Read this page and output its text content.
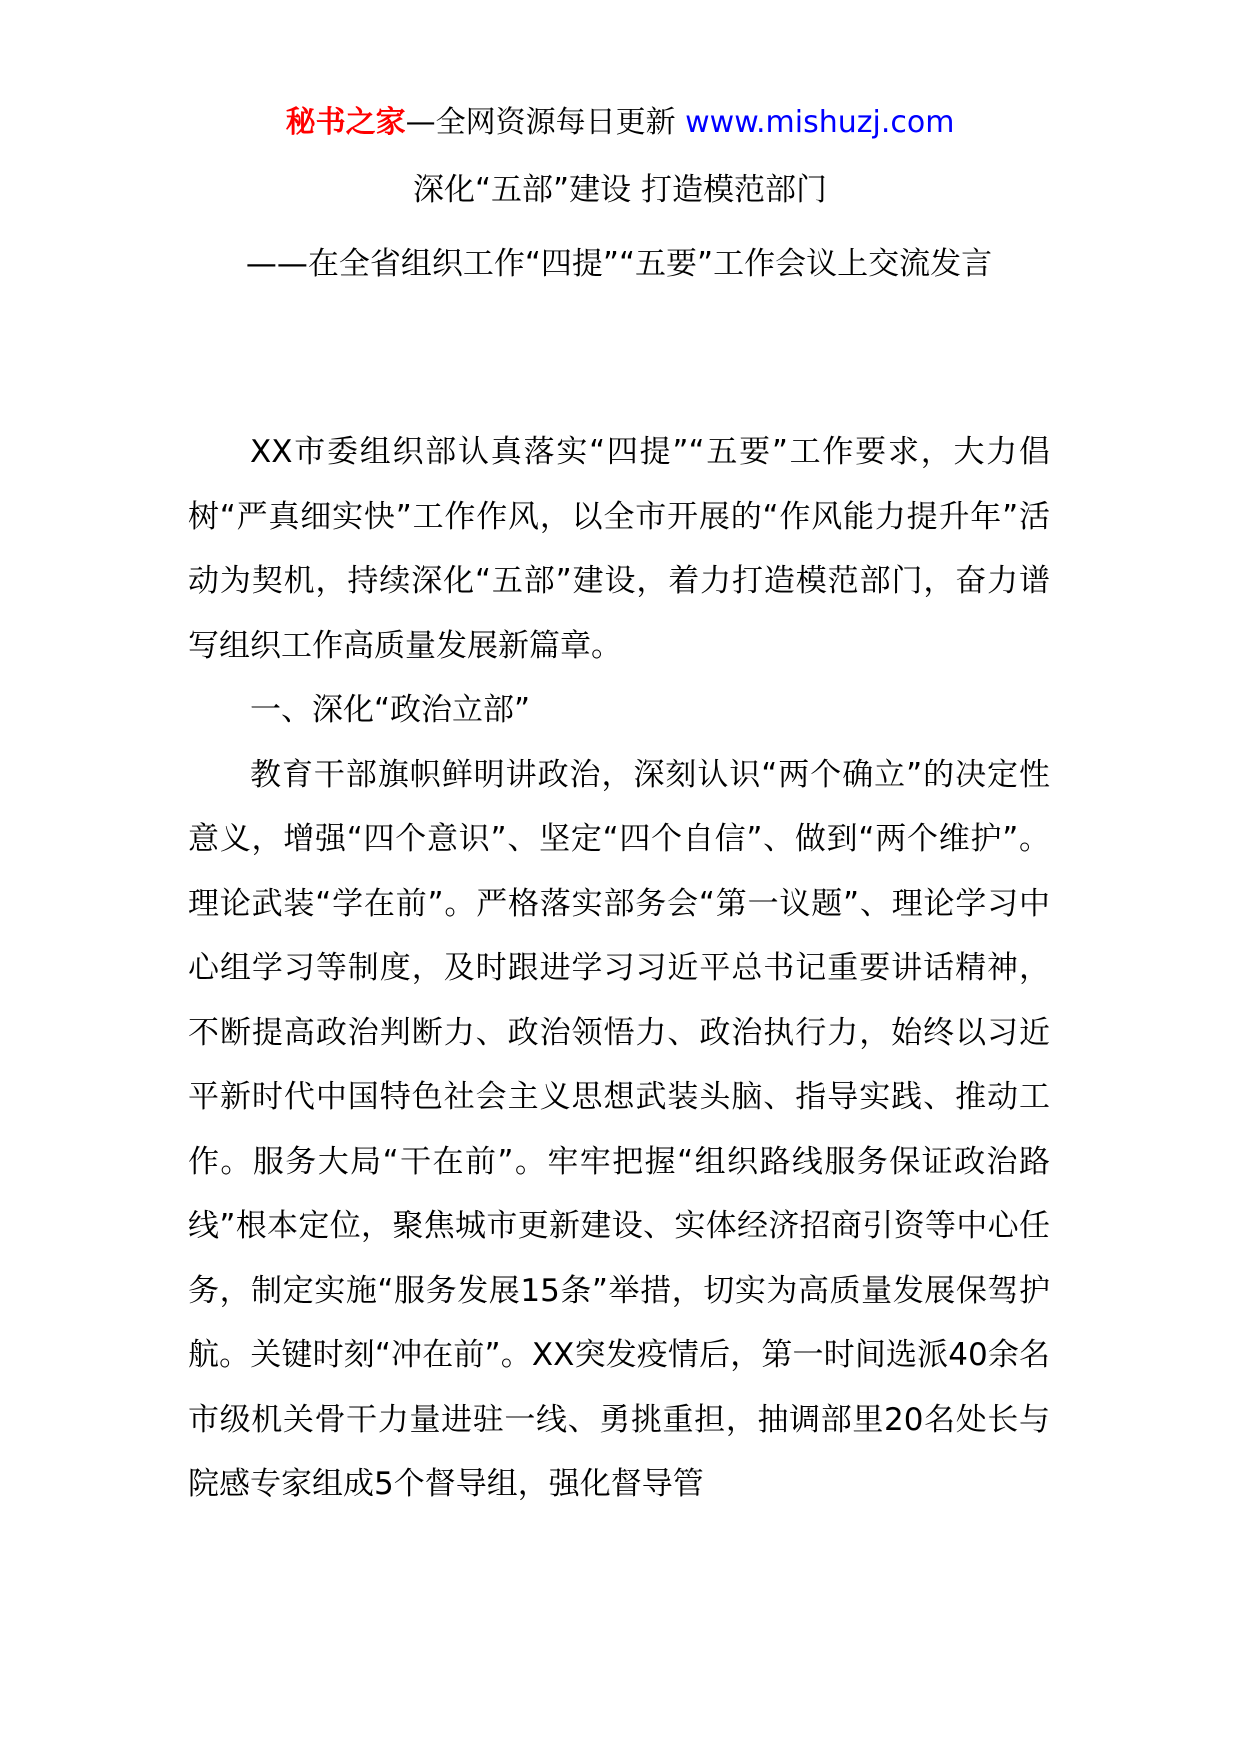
秘书之家—全网资源每日更新 www.mishuzj.com
深化“五部”建设 打造模范部门
——在全省组织工作“四提”“五要”工作会议上交流发言

XX市委组织部认真落实“四提”“五要”工作要求，大力倡树“严真细实快”工作作风，以全市开展的“作风能力提升年”活动为契机，持续深化“五部”建设，着力打造模范部门，奋力谱写组织工作高质量发展新篇章。

一、深化“政治立部”

教育干部旗帜鲜明讲政治，深刻认识“两个确立”的决定性意义，增强“四个意识”、坚定“四个自信”、做到“两个维护”。理论武装“学在前”。严格落实部务会“第一议题”、理论学习中心组学习等制度，及时跟进学习习近平总书记重要讲话精神，不断提高政治判断力、政治领悟力、政治执行力，始终以习近平新时代中国特色社会主义思想武装头脑、指导实践、推动工作。服务大局“干在前”。牢牢把握“组织路线服务保证政治路线”根本定位，聚焦城市更新建设、实体经济招商引资等中心任务，制定实施“服务发展15条”举措，切实为高质量发展保驾护航。关键时刻“冲在前”。XX突发疫情后，第一时间选派40余名市级机关骨干力量进驻一线、勇挑重担，抽调部里20名处长与院感专家组成5个督导组，强化督导管
